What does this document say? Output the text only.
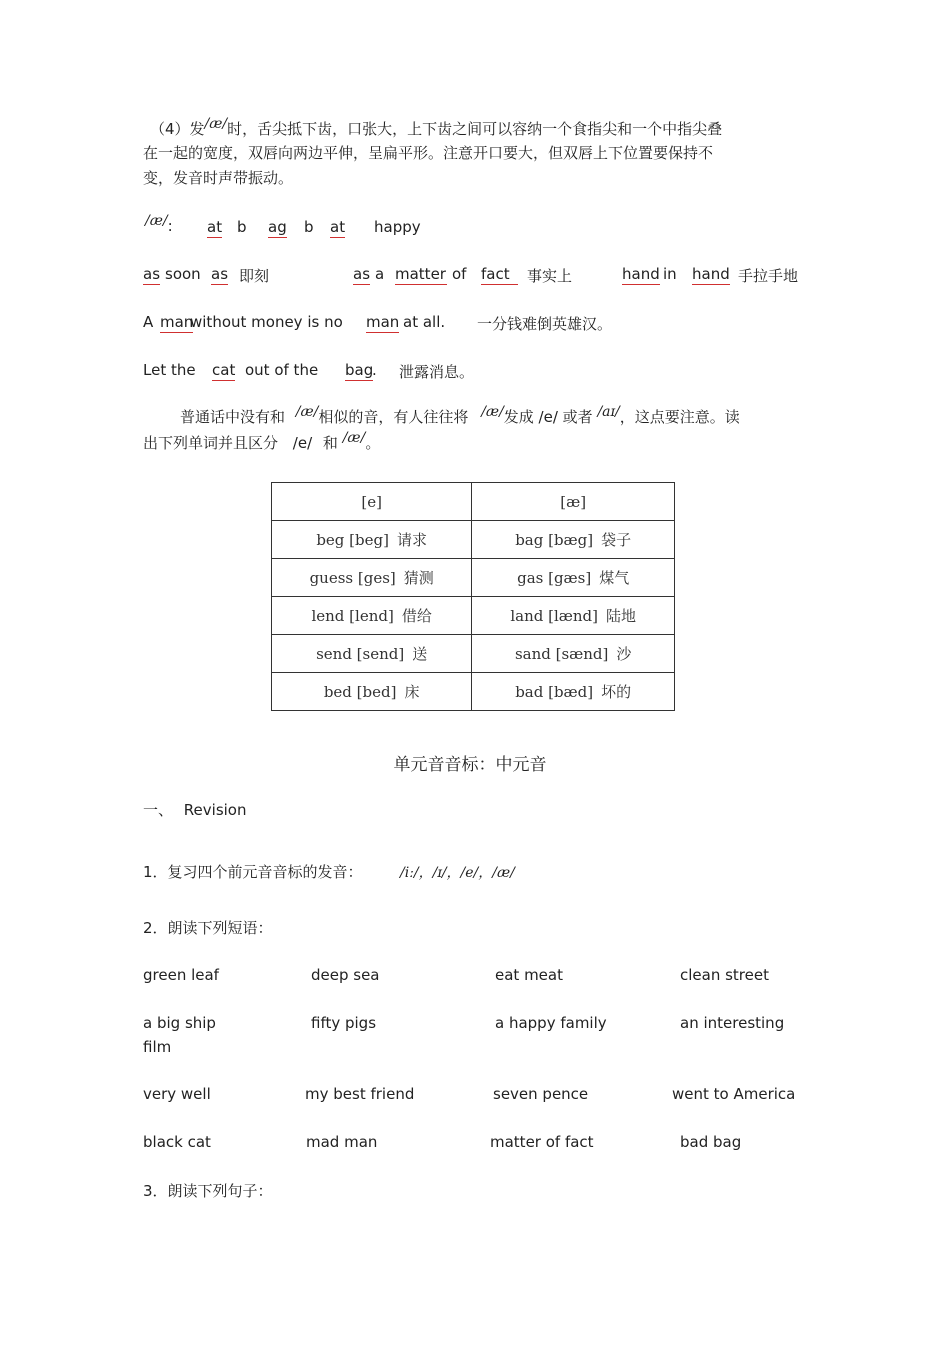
（4）发/æ/时，舌尖抵下齿，口张大，上下齿之间可以容纳一个食指尖和一个中指尖叠
在一起的宽度，双唇向两边平伸，呈扁平形。注意开口要大，但双唇上下位置要保持不
变，发音时声带振动。
/æ/: at b ag b at happy
as soon as 即刻	as a matter of fact	事实上	hand in hand 手拉手地
A man
without money is no man at all. 一分钱难倒英雄汉。
Let the cat out of the bag
. 泄露消息。
普通话中没有和 /æ/相似的音，有人往往将 /æ/发成 /e/ 或者 /aɪ/，这点要注意。读
出下列单词并且区分 /e/ 和 /æ/。
[e]	[æ]
beg [beg] 请求	bag [bæg] 袋子
guess [ges] 猜测	gas [gæs] 煤气
lend [lend] 借给	land [lænd] 陆地
send [send] 送	sand [sænd] 沙
bed [bed] 床	bad [bæd] 坏的
单元音音标：中元音
一、 Revision
1．复习四个前元音音标的发音：	/iː/，/ɪ/，/e/，/æ/
2．朗读下列短语：
green leaf	deep sea	eat meat	clean street
a big ship	fifty pigs	a happy family	an interesting
film
very well	my best friend	seven pence	went to America
black cat	mad man	matter of fact	bad bag
3．朗读下列句子：
